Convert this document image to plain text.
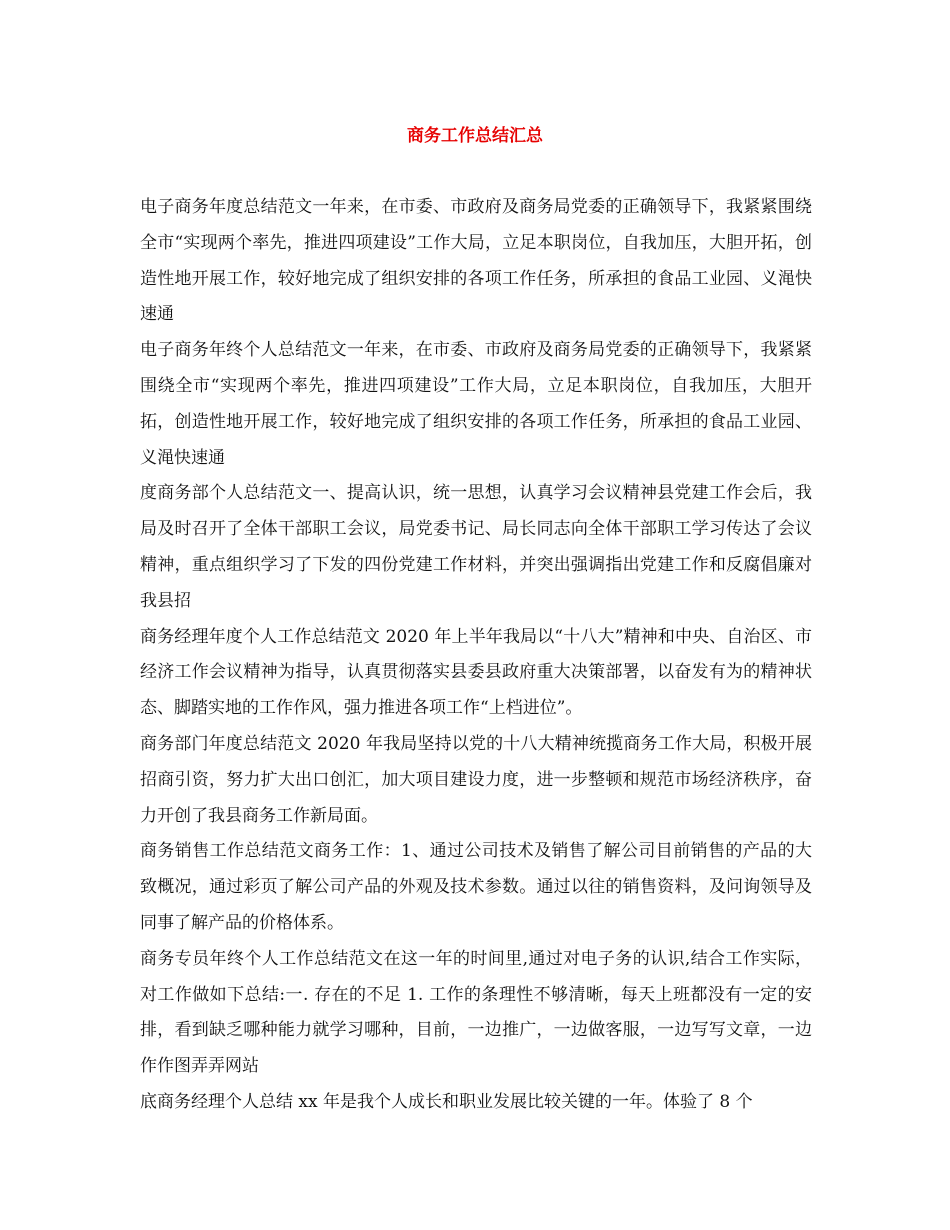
商务工作总结汇总

电子商务年度总结范文一年来，在市委、市政府及商务局党委的正确领导下，我紧紧围绕全市“实现两个率先，推进四项建设”工作大局，立足本职岗位，自我加压，大胆开拓，创造性地开展工作，较好地完成了组织安排的各项工作任务，所承担的食品工业园、义渑快速通

电子商务年终个人总结范文一年来，在市委、市政府及商务局党委的正确领导下，我紧紧围绕全市“实现两个率先，推进四项建设”工作大局，立足本职岗位，自我加压，大胆开拓，创造性地开展工作，较好地完成了组织安排的各项工作任务，所承担的食品工业园、义渑快速通

度商务部个人总结范文一、提高认识，统一思想，认真学习会议精神县党建工作会后，我局及时召开了全体干部职工会议，局党委书记、局长同志向全体干部职工学习传达了会议精神，重点组织学习了下发的四份党建工作材料，并突出强调指出党建工作和反腐倡廉对我县招

商务经理年度个人工作总结范文 2020 年上半年我局以“十八大”精神和中央、自治区、市经济工作会议精神为指导，认真贯彻落实县委县政府重大决策部署，以奋发有为的精神状态、脚踏实地的工作作风，强力推进各项工作“上档进位”。

商务部门年度总结范文 2020 年我局坚持以党的十八大精神统揽商务工作大局，积极开展招商引资，努力扩大出口创汇，加大项目建设力度，进一步整顿和规范市场经济秩序，奋力开创了我县商务工作新局面。

商务销售工作总结范文商务工作：1、通过公司技术及销售了解公司目前销售的产品的大致概况，通过彩页了解公司产品的外观及技术参数。通过以往的销售资料，及问询领导及同事了解产品的价格体系。

商务专员年终个人工作总结范文在这一年的时间里,通过对电子务的认识,结合工作实际，对工作做如下总结:一. 存在的不足 1. 工作的条理性不够清晰，每天上班都没有一定的安排，看到缺乏哪种能力就学习哪种，目前，一边推广，一边做客服，一边写写文章，一边作作图弄弄网站

底商务经理个人总结 xx 年是我个人成长和职业发展比较关键的一年。体验了 8 个
